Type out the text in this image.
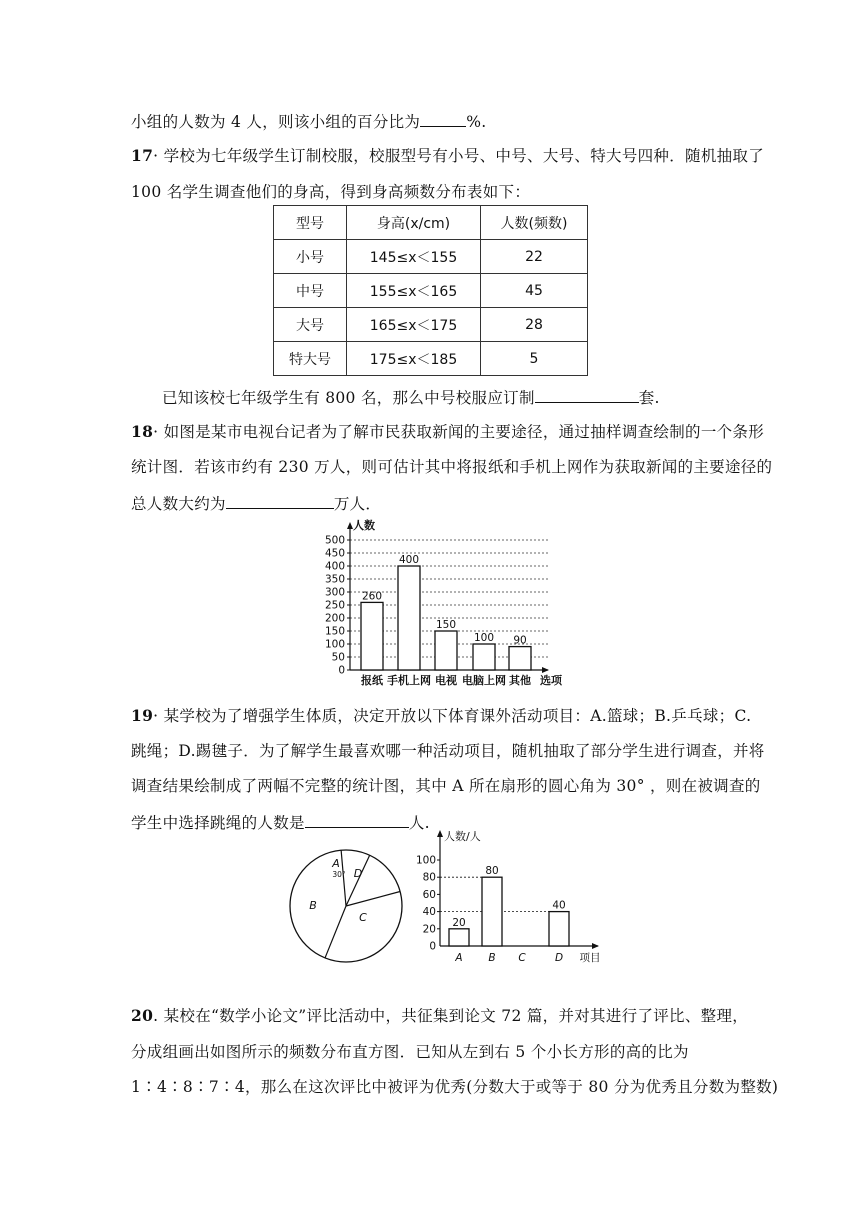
小组的人数为 4 人，则该小组的百分比为	%.
17· 学校为七年级学生订制校服，校服型号有小号、中号、大号、特大号四种．随机抽取了
100 名学生调查他们的身高，得到身高频数分布表如下：
型号	身高(x/cm)	人数(频数)
小号	145≤x＜155	22
中号	155≤x＜165	45
大号	165≤x＜175	28
特大号	175≤x＜185	5
已知该校七年级学生有 800 名，那么中号校服应订制	套.
18· 如图是某市电视台记者为了解市民获取新闻的主要途径，通过抽样调查绘制的一个条形
统计图．若该市约有 230 万人，则可估计其中将报纸和手机上网作为获取新闻的主要途径的
总人数大约为	万人．
0
50
100
150
200
250
300
350
400
450
500
人数
260
报纸
400
手机上网
150
电视
100
电脑上网
90
其他 选项
19· 某学校为了增强学生体质，决定开放以下体育课外活动项目：A.篮球；B.乒乓球；C.
跳绳；D.踢毽子．为了解学生最喜欢哪一种活动项目，随机抽取了部分学生进行调查，并将
调查结果绘制成了两幅不完整的统计图，其中 A 所在扇形的圆心角为 30° ，则在被调查的
学生中选择跳绳的人数是	人.
A
B
C
D
30°
0
20
40
60
80
100
人数/人
20
A
80
B C
40
D 项目
20. 某校在“数学小论文”评比活动中，共征集到论文 72 篇，并对其进行了评比、整理，
分成组画出如图所示的频数分布直方图．已知从左到右 5 个小长方形的高的比为
1∶4∶8∶7∶4，那么在这次评比中被评为优秀(分数大于或等于 80 分为优秀且分数为整数)
